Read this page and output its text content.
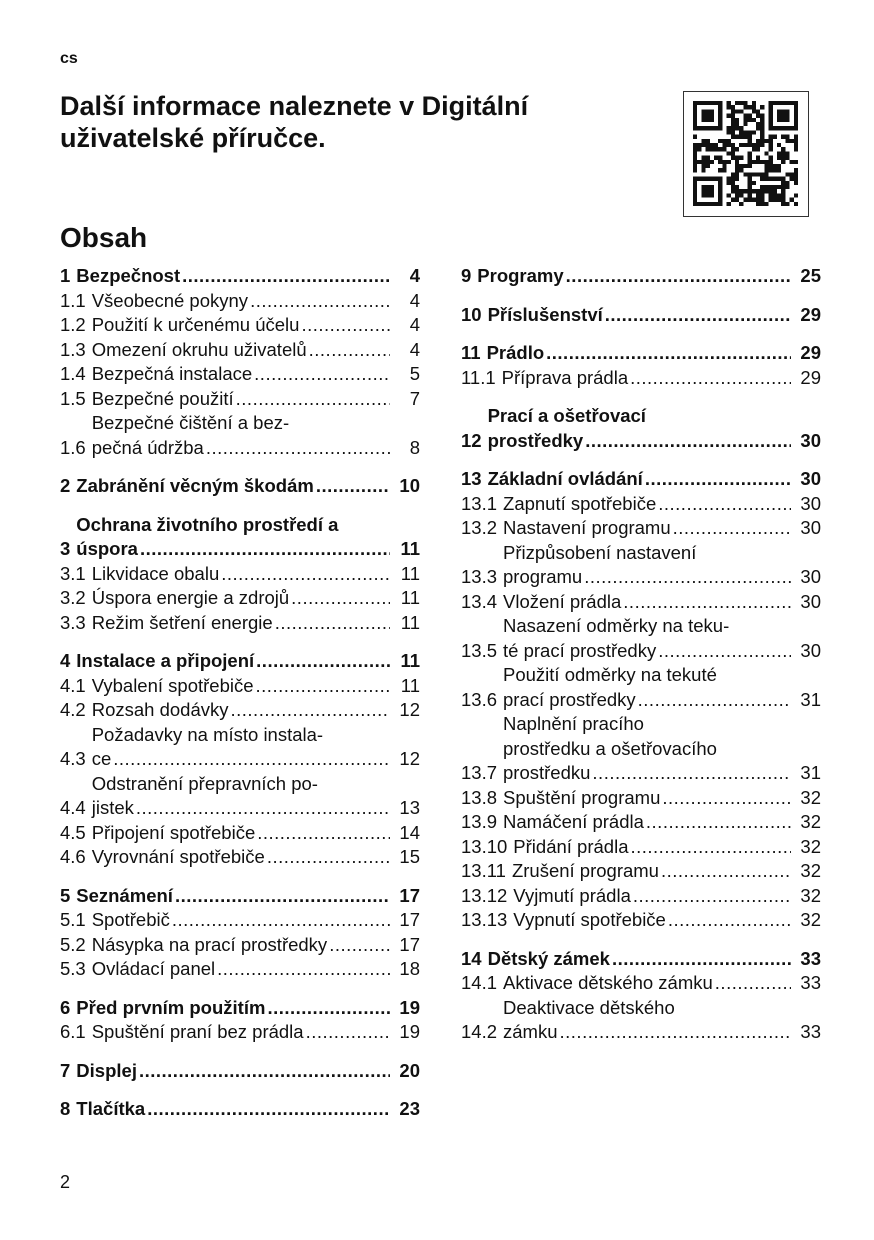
cs
Další informace naleznete v Digitální uživatelské příručce.
Obsah
1 Bezpečnost .....	4
1.1 Všeobecné pokyny .....	4
1.2 Použití k určenému účelu .....	4
1.3 Omezení okruhu uživatelů .....	4
1.4 Bezpečná instalace .....	5
1.5 Bezpečné použití .....	7
1.6
Bezpečné čištění a bez-
pečná údržba .....	8
2 Zabránění věcným škodám .....	10
3
Ochrana životního prostředí a
úspora .....	11
3.1 Likvidace obalu .....	11
3.2 Úspora energie a zdrojů .....	11
3.3 Režim šetření energie .....	11
4 Instalace a připojení .....	11
4.1 Vybalení spotřebiče .....	11
4.2 Rozsah dodávky .....	12
4.3
Požadavky na místo instala-
ce .....	12
4.4
Odstranění přepravních po-
jistek .....	13
4.5 Připojení spotřebiče .....	14
4.6 Vyrovnání spotřebiče .....	15
5 Seznámení .....	17
5.1 Spotřebič .....	17
5.2 Násypka na prací prostředky .....	17
5.3 Ovládací panel .....	18
6 Před prvním použitím .....	19
6.1 Spuštění praní bez prádla .....	19
7 Displej .....	20
8 Tlačítka .....	23
9 Programy .....	25
10 Příslušenství .....	29
11 Prádlo .....	29
11.1 Příprava prádla .....	29
12
Prací a ošetřovací
prostředky .....	30
13 Základní ovládání .....	30
13.1 Zapnutí spotřebiče .....	30
13.2 Nastavení programu .....	30
13.3
Přizpůsobení nastavení
programu .....	30
13.4 Vložení prádla .....	30
13.5
Nasazení odměrky na teku-
té prací prostředky .....	30
13.6
Použití odměrky na tekuté
prací prostředky .....	31
13.7
Naplnění pracího
prostředku a ošetřovacího
prostředku .....	31
13.8 Spuštění programu .....	32
13.9 Namáčení prádla .....	32
13.10 Přidání prádla .....	32
13.11 Zrušení programu .....	32
13.12 Vyjmutí prádla .....	32
13.13 Vypnutí spotřebiče .....	32
14 Dětský zámek .....	33
14.1 Aktivace dětského zámku .....	33
14.2
Deaktivace dětského
zámku .....	33
2
